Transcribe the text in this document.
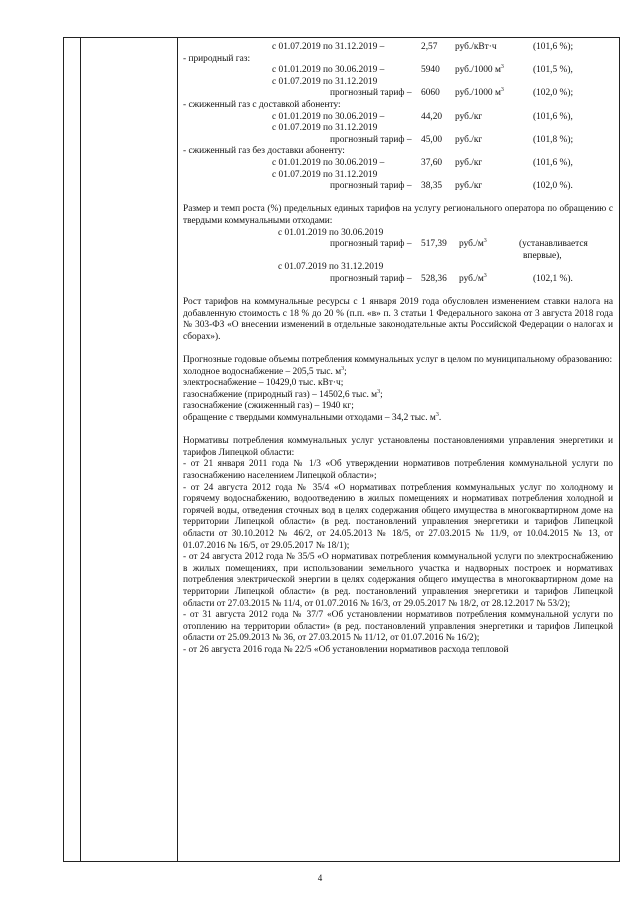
с 01.07.2019 по 31.12.2019 –	2,57 руб./кВт·ч	(101,6 %);
- природный газ:
с 01.01.2019 по 30.06.2019 –	5940 руб./1000 $м^3$	(101,5 %),
с 01.07.2019 по 31.12.2019
прогнозный тариф – 6060 руб./1000 $м^3$	(102,0 %);
- сжиженный газ с доставкой абоненту:
с 01.01.2019 по 30.06.2019 –	44,20 руб./кг	(101,6 %),
с 01.07.2019 по 31.12.2019
прогнозный тариф – 45,00 руб./кг	(101,8 %);
- сжиженный газ без доставки абоненту:
с 01.01.2019 по 30.06.2019 –	37,60 руб./кг	(101,6 %),
с 01.07.2019 по 31.12.2019
прогнозный тариф – 38,35 руб./кг	(102,0 %).

Размер и темп роста (%) предельных единых тарифов на услугу регионального оператора по обращению с твердыми коммунальными отходами:

с 01.01.2019 по 30.06.2019
прогнозный тариф – 517,39 $руб./м^3$	(устанавливается
впервые),
с 01.07.2019 по 31.12.2019
прогнозный тариф – 528,36 $руб./м^3$	(102,1 %).

Рост тарифов на коммунальные ресурсы с 1 января 2019 года обусловлен изменением ставки налога на добавленную стоимость с 18 % до 20 % (п.п. «в» п. 3 статьи 1 Федерального закона от 3 августа 2018 года № 303-ФЗ «О внесении изменений в отдельные законодательные акты Российской Федерации о налогах и сборах»).

Прогнозные годовые объемы потребления коммунальных услуг в целом по муниципальному образованию:

холодное водоснабжение – 205,5 тыс. $м^3$;
электроснабжение – 10429,0 тыс. кВт·ч;
газоснабжение (природный газ) – 14502,6 тыс. $м^3$;
газоснабжение (сжиженный газ) – 1940 кг;
обращение с твердыми коммунальными отходами – 34,2 тыс. $м^3$.

Нормативы потребления коммунальных услуг установлены постановлениями управления энергетики и тарифов Липецкой области:

- от 21 января 2011 года № 1/3 «Об утверждении нормативов потребления коммунальной услуги по газоснабжению населением Липецкой области»;

- от 24 августа 2012 года № 35/4 «О нормативах потребления коммунальных услуг по холодному и горячему водоснабжению, водоотведению в жилых помещениях и нормативах потребления холодной и горячей воды, отведения сточных вод в целях содержания общего имущества в многоквартирном доме на территории Липецкой области» (в ред. постановлений управления энергетики и тарифов Липецкой области от 30.10.2012 № 46/2, от 24.05.2013 № 18/5, от 27.03.2015 № 11/9, от 10.04.2015 № 13, от 01.07.2016 № 16/5, от 29.05.2017 № 18/1);

- от 24 августа 2012 года № 35/5 «О нормативах потребления коммунальной услуги по электроснабжению в жилых помещениях, при использовании земельного участка и надворных построек и нормативах потребления электрической энергии в целях содержания общего имущества в многоквартирном доме на территории Липецкой области» (в ред. постановлений управления энергетики и тарифов Липецкой области от 27.03.2015 № 11/4, от 01.07.2016 № 16/3, от 29.05.2017 № 18/2, от 28.12.2017 № 53/2);

- от 31 августа 2012 года № 37/7 «Об установлении нормативов потребления коммунальной услуги по отоплению на территории области» (в ред. постановлений управления энергетики и тарифов Липецкой области от 25.09.2013 № 36, от 27.03.2015 № 11/12, от 01.07.2016 № 16/2);

- от 26 августа 2016 года № 22/5 «Об установлении нормативов расхода тепловой

4
